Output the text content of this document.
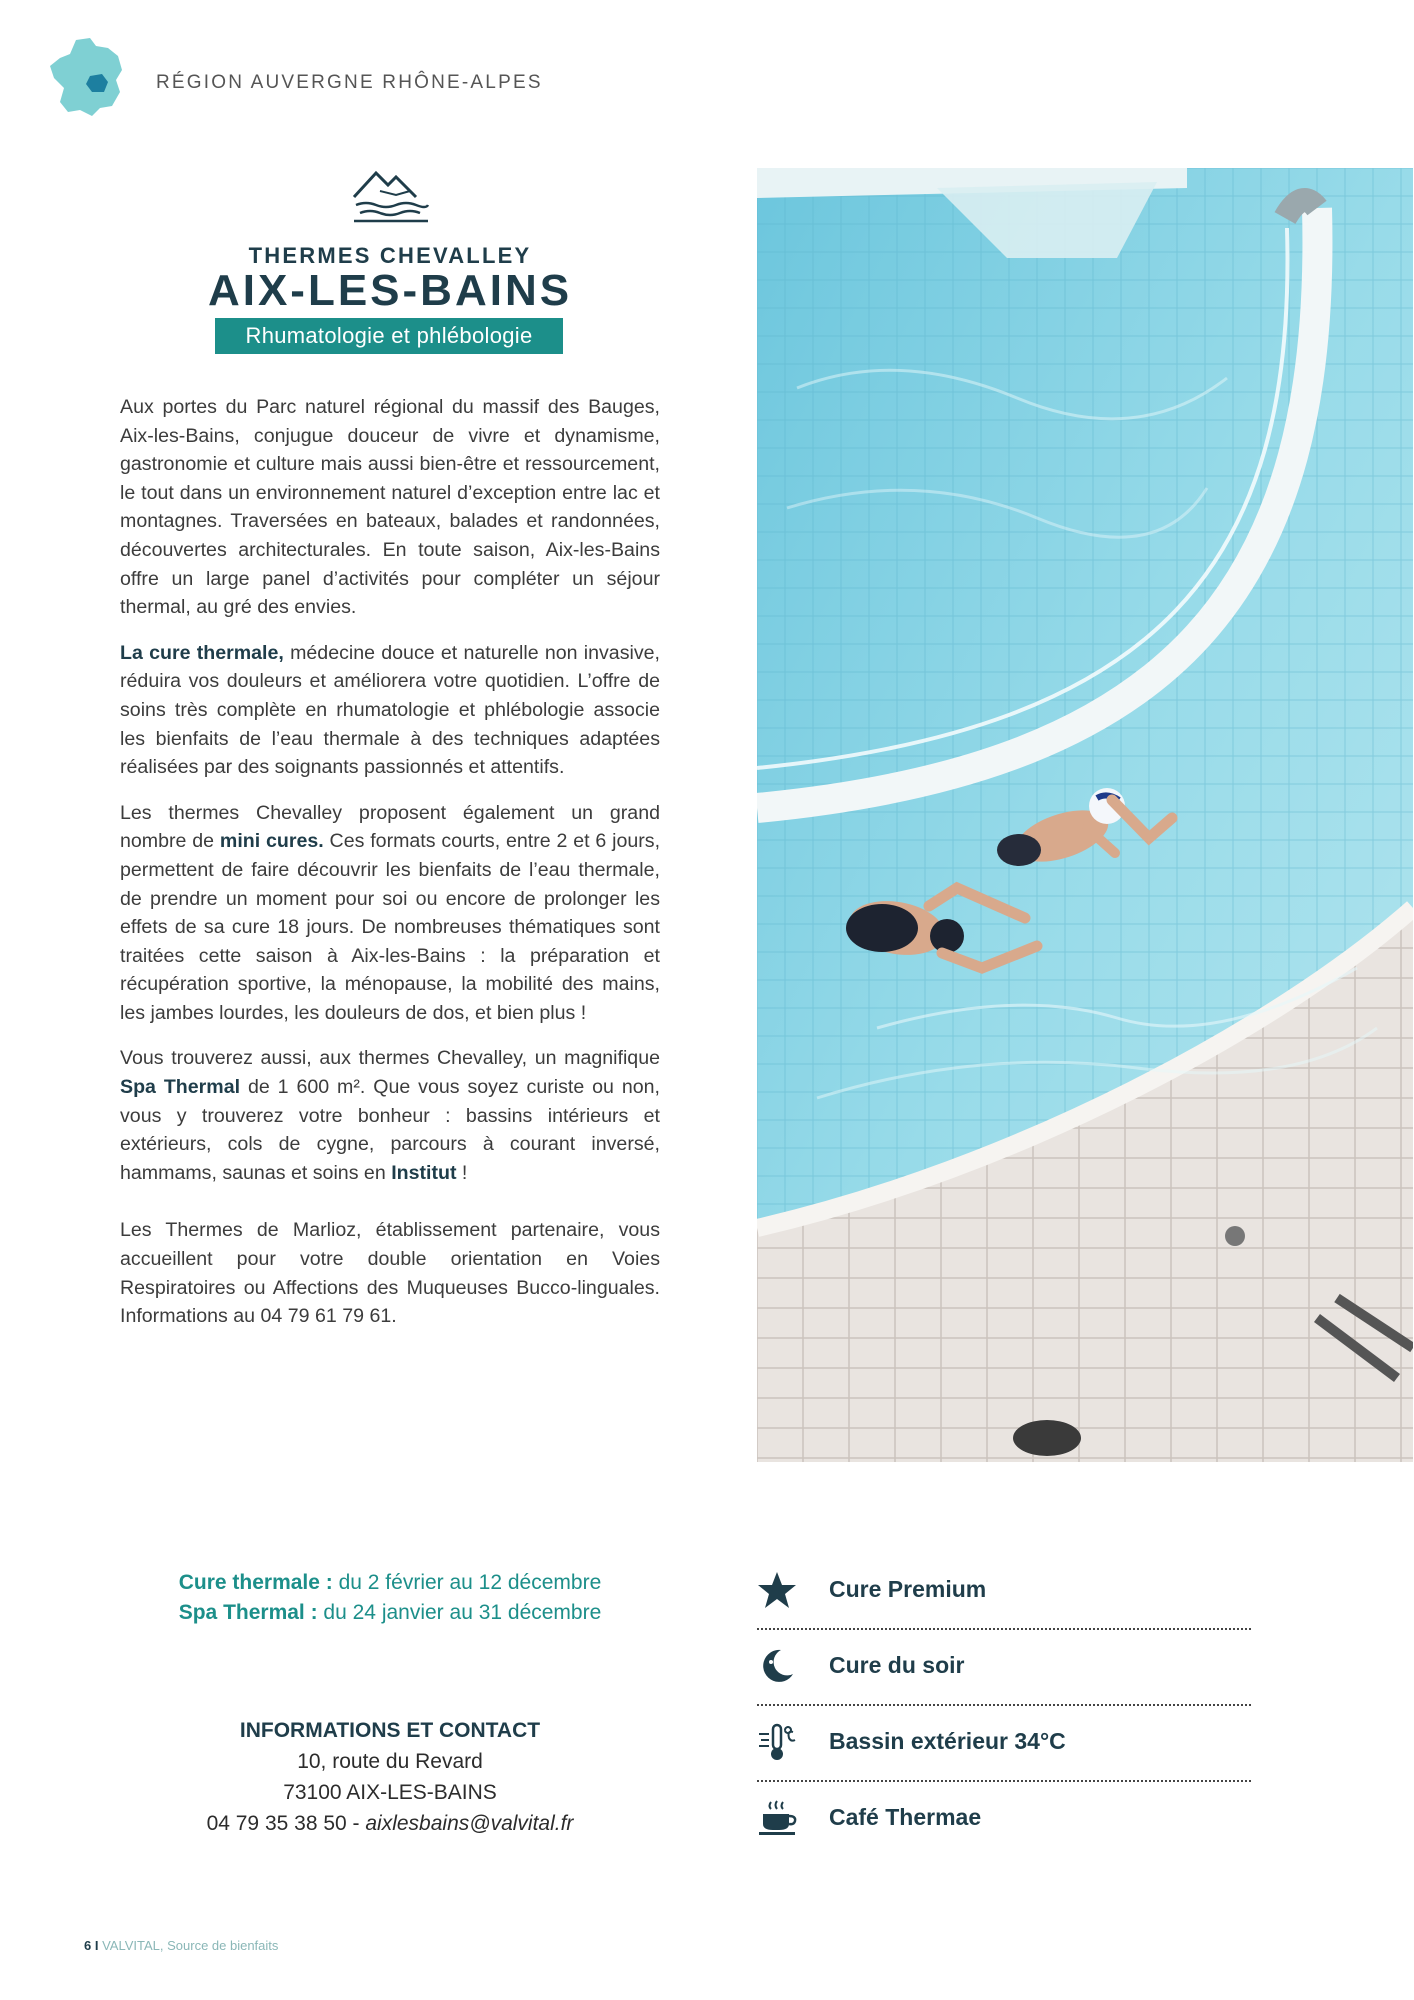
RÉGION AUVERGNE RHÔNE-ALPES
THERMES CHEVALLEY
AIX-LES-BAINS
Rhumatologie et phlébologie

Aux portes du Parc naturel régional du massif des Bauges, Aix-les-Bains, conjugue douceur de vivre et dynamisme, gastronomie et culture mais aussi bien-être et ressourcement, le tout dans un environnement naturel d’exception entre lac et montagnes. Traversées en bateaux, balades et randonnées, découvertes architecturales. En toute saison, Aix-les-Bains offre un large panel d’activités pour compléter un séjour thermal, au gré des envies.

La cure thermale, médecine douce et naturelle non invasive, réduira vos douleurs et améliorera votre quotidien. L’offre de soins très complète en rhumatologie et phlébologie associe les bienfaits de l’eau thermale à des techniques adaptées réalisées par des soignants passionnés et attentifs.

Les thermes Chevalley proposent également un grand nombre de mini cures. Ces formats courts, entre 2 et 6 jours, permettent de faire découvrir les bienfaits de l’eau thermale, de prendre un moment pour soi ou encore de prolonger les effets de sa cure 18 jours. De nombreuses thématiques sont traitées cette saison à Aix-les-Bains : la préparation et récupération sportive, la ménopause, la mobilité des mains, les jambes lourdes, les douleurs de dos, et bien plus !

Vous trouverez aussi, aux thermes Chevalley, un magnifique Spa Thermal de 1 600 m². Que vous soyez curiste ou non, vous y trouverez votre bonheur : bassins intérieurs et extérieurs, cols de cygne, parcours à courant inversé, hammams, saunas et soins en Institut !

Les Thermes de Marlioz, établissement partenaire, vous accueillent pour votre double orientation en Voies Respiratoires ou Affections des Muqueuses Bucco-linguales. Informations au 04 79 61 79 61.

Cure thermale : du 2 février au 12 décembre
Spa Thermal : du 24 janvier au 31 décembre
INFORMATIONS ET CONTACT
10, route du Revard
73100 AIX-LES-BAINS
04 79 35 38 50 - aixlesbains@valvital.fr
Cure Premium
Cure du soir
Bassin extérieur 34°C
Café Thermae
6 I VALVITAL, Source de bienfaits
